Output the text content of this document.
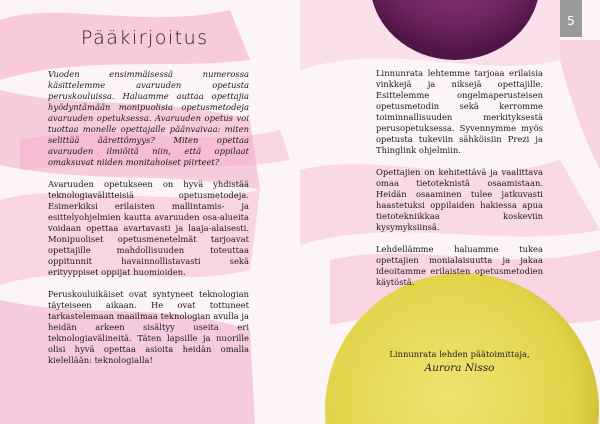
Pääkirjoitus

Vuoden ensimmäisessä numerossa käsittelemme avaruuden opetusta peruskouluissa. Haluamme auttaa opettajia hyödyntämään monipuolisia opetusmetodeja avaruuden opetuksessa. Avaruuden opetus voi tuottaa monelle opettajalle päänvaivaa: miten selittää äärettömyys? Miten opettaa avaruuden ilmiöitä niin, että oppilaat omaksuvat niiden monitahoiset piirteet?

Avaruuden opetukseen on hyvä yhdistää teknologiavälitteisiä opetusmetodeja. Esimerkiksi erilaisten mallintamis- ja esittelyohjelmien kautta avaruuden osa-alueita voidaan opettaa avartavasti ja laaja-alaisesti. Monipuoliset opetusmenetelmät tarjoavat opettajille mahdollisuuden toteuttaa oppitunnit havainnollistavasti sekä erityyppiset oppijat huomioiden.

Peruskouluikäiset ovat syntyneet teknologian täyteiseen aikaan. He ovat tottuneet tarkastelemaan maailmaa teknologian avulla ja heidän arkeen sisältyy useita eri teknologiavälineitä. Täten lapsille ja nuorille olisi hyvä opettaa asioita heidän omalla kielellään: teknologialla!

Linnunrata lehtemme tarjoaa erilaisia vinkkejä ja niksejä opettajille. Esittelemme ongelmaperusteisen opetusmetodin sekä kerromme toiminnallisuuden merkityksestä perusopetuksessa. Syvennymme myös opetusta tukeviin sähköisiin Prezi ja Thinglink ohjelmiin.

Opettajien on kehitettävä ja vaalittava omaa tietoteknistä osaamistaan. Heidän osaaminen tulee jatkuvasti haastetuksi oppilaiden hakiessa apua tietotekniikkaa koskeviin kysymyksiinsä.

Lehdellämme haluamme tukea opettajien monialaisuutta ja jakaa ideoitamme erilaisten opetusmetodien käytöstä.

5
Linnunrata lehden päätoimittaja,
Aurora Nisso
